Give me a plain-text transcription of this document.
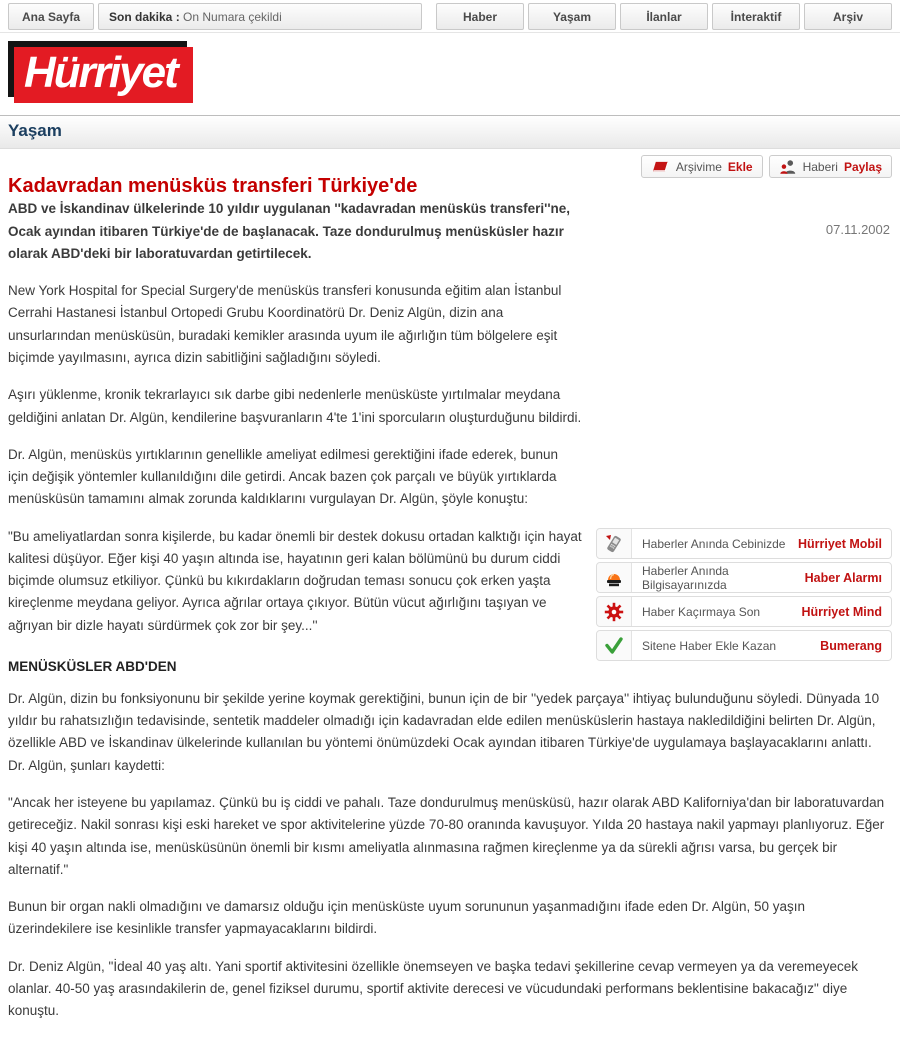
Ana Sayfa	Son dakika : On Numara çekildi	Haber	Yaşam	İlanlar	İnteraktif	Arşiv
Hürriyet
Yaşam
Arşivime Ekle	Haberi Paylaş
07.11.2002
Haberler Anında Cebinizde	Hürriyet Mobil
Haberler Anında Bilgisayarınızda	Haber Alarmı
Haber Kaçırmaya Son	Hürriyet Mind
Sitene Haber Ekle Kazan	Bumerang
Kadavradan menüsküs transferi Türkiye'de

ABD ve İskandinav ülkelerinde 10 yıldır uygulanan ''kadavradan menüsküs transferi''ne, Ocak ayından itibaren Türkiye'de de başlanacak. Taze dondurulmuş menüsküsler hazır olarak ABD'deki bir laboratuvardan getirtilecek.

New York Hospital for Special Surgery'de menüsküs transferi konusunda eğitim alan İstanbul Cerrahi Hastanesi İstanbul Ortopedi Grubu Koordinatörü Dr. Deniz Algün, dizin ana unsurlarından menüsküsün, buradaki kemikler arasında uyum ile ağırlığın tüm bölgelere eşit biçimde yayılmasını, ayrıca dizin sabitliğini sağladığını söyledi.

Aşırı yüklenme, kronik tekrarlayıcı sık darbe gibi nedenlerle menüsküste yırtılmalar meydana geldiğini anlatan Dr. Algün, kendilerine başvuranların 4'te 1'ini sporcuların oluşturduğunu bildirdi.

Dr. Algün, menüsküs yırtıklarının genellikle ameliyat edilmesi gerektiğini ifade ederek, bunun için değişik yöntemler kullanıldığını dile getirdi. Ancak bazen çok parçalı ve büyük yırtıklarda menüsküsün tamamını almak zorunda kaldıklarını vurgulayan Dr. Algün, şöyle konuştu:

"Bu ameliyatlardan sonra kişilerde, bu kadar önemli bir destek dokusu ortadan kalktığı için hayat kalitesi düşüyor. Eğer kişi 40 yaşın altında ise, hayatının geri kalan bölümünü bu durum ciddi biçimde olumsuz etkiliyor. Çünkü bu kıkırdakların doğrudan teması sonucu çok erken yaşta kireçlenme meydana geliyor. Ayrıca ağrılar ortaya çıkıyor. Bütün vücut ağırlığını taşıyan ve ağrıyan bir dizle hayatı sürdürmek çok zor bir şey...''

MENÜSKÜSLER ABD'DEN

Dr. Algün, dizin bu fonksiyonunu bir şekilde yerine koymak gerektiğini, bunun için de bir ''yedek parçaya'' ihtiyaç bulunduğunu söyledi. Dünyada 10 yıldır bu rahatsızlığın tedavisinde, sentetik maddeler olmadığı için kadavradan elde edilen menüsküslerin hastaya nakledildiğini belirten Dr. Algün, özellikle ABD ve İskandinav ülkelerinde kullanılan bu yöntemi önümüzdeki Ocak ayından itibaren Türkiye'de uygulamaya başlayacaklarını anlattı. Dr. Algün, şunları kaydetti:

"Ancak her isteyene bu yapılamaz. Çünkü bu iş ciddi ve pahalı. Taze dondurulmuş menüsküsü, hazır olarak ABD Kaliforniya'dan bir laboratuvardan getireceğiz. Nakil sonrası kişi eski hareket ve spor aktivitelerine yüzde 70-80 oranında kavuşuyor. Yılda 20 hastaya nakil yapmayı planlıyoruz. Eğer kişi 40 yaşın altında ise, menüsküsünün önemli bir kısmı ameliyatla alınmasına rağmen kireçlenme ya da sürekli ağrısı varsa, bu gerçek bir alternatif."

Bunun bir organ nakli olmadığını ve damarsız olduğu için menüsküste uyum sorununun yaşanmadığını ifade eden Dr. Algün, 50 yaşın üzerindekilere ise kesinlikle transfer yapmayacaklarını bildirdi.

Dr. Deniz Algün, "İdeal 40 yaş altı. Yani sportif aktivitesini özellikle önemseyen ve başka tedavi şekillerine cevap vermeyen ya da veremeyecek olanlar. 40-50 yaş arasındakilerin de, genel fiziksel durumu, sportif aktivite derecesi ve vücudundaki performans beklentisine bakacağız" diye konuştu.
